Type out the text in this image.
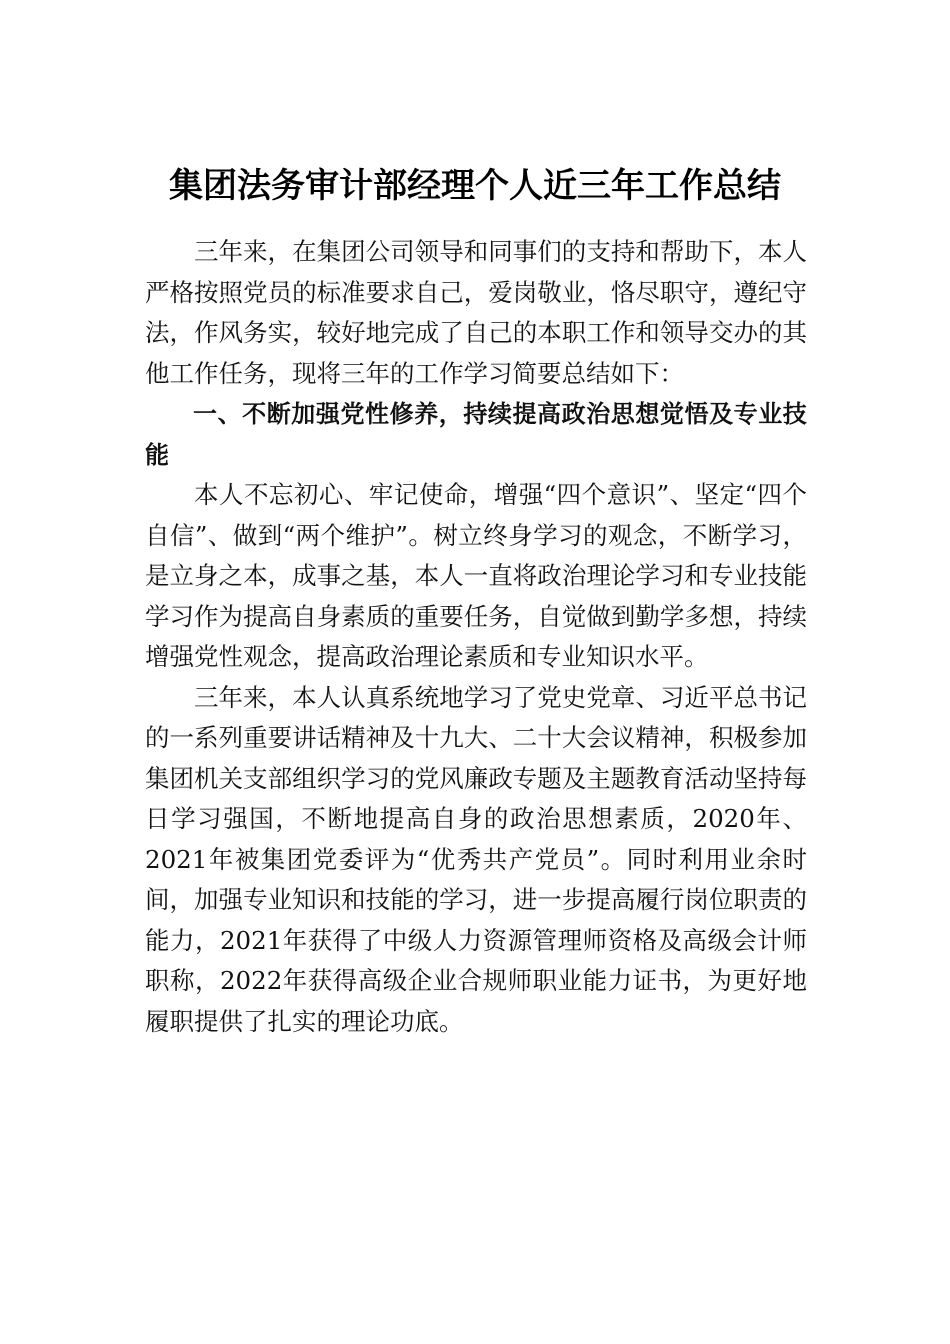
集团法务审计部经理个人近三年工作总结

三年来，在集团公司领导和同事们的支持和帮助下，本人严格按照党员的标准要求自己，爱岗敬业，恪尽职守，遵纪守法，作风务实，较好地完成了自己的本职工作和领导交办的其他工作任务，现将三年的工作学习简要总结如下：

一、不断加强党性修养，持续提高政治思想觉悟及专业技能

本人不忘初心、牢记使命，增强“四个意识”、坚定“四个自信”、做到“两个维护”。树立终身学习的观念，不断学习，是立身之本，成事之基，本人一直将政治理论学习和专业技能学习作为提高自身素质的重要任务，自觉做到勤学多想，持续增强党性观念，提高政治理论素质和专业知识水平。

三年来，本人认真系统地学习了党史党章、习近平总书记的一系列重要讲话精神及十九大、二十大会议精神，积极参加集团机关支部组织学习的党风廉政专题及主题教育活动坚持每日学习强国，不断地提高自身的政治思想素质，2020年、2021年被集团党委评为“优秀共产党员”。同时利用业余时间，加强专业知识和技能的学习，进一步提高履行岗位职责的能力，2021年获得了中级人力资源管理师资格及高级会计师职称，2022年获得高级企业合规师职业能力证书，为更好地履职提供了扎实的理论功底。
